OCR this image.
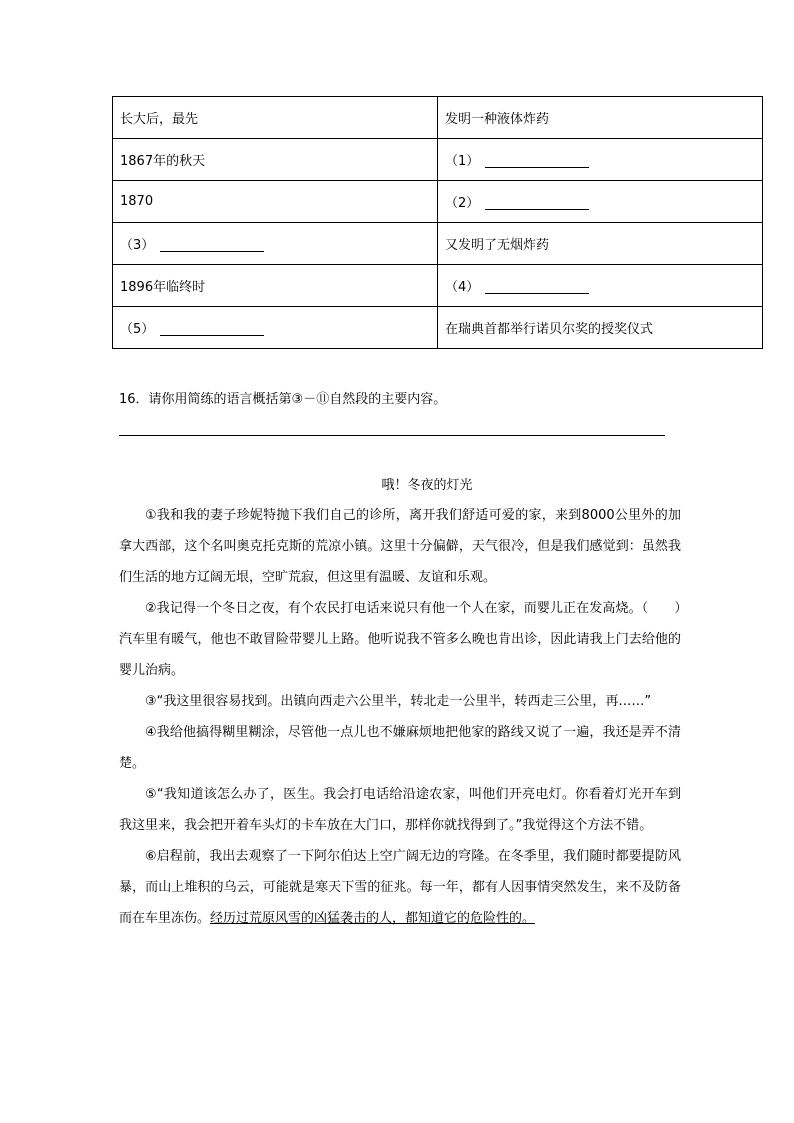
长大后，最先	发明一种液体炸药
1867年的秋天	（1）
1870	（2）
（3）	又发明了无烟炸药
1896年临终时	（4）
（5）	在瑞典首都举行诺贝尔奖的授奖仪式
16．请你用简练的语言概括第③－⑪自然段的主要内容。
哦！冬夜的灯光

①我和我的妻子珍妮特抛下我们自己的诊所，离开我们舒适可爱的家，来到8000公里外的加拿大西部，这个名叫奥克托克斯的荒凉小镇。这里十分偏僻，天气很冷，但是我们感觉到：虽然我们生活的地方辽阔无垠，空旷荒寂，但这里有温暖、友谊和乐观。

②我记得一个冬日之夜，有个农民打电话来说只有他一个人在家，而婴儿正在发高烧。（　　）汽车里有暖气，他也不敢冒险带婴儿上路。他听说我不管多么晚也肯出诊，因此请我上门去给他的婴儿治病。

③“我这里很容易找到。出镇向西走六公里半，转北走一公里半，转西走三公里，再……”

④我给他搞得糊里糊涂，尽管他一点儿也不嫌麻烦地把他家的路线又说了一遍，我还是弄不清楚。

⑤“我知道该怎么办了，医生。我会打电话给沿途农家，叫他们开亮电灯。你看着灯光开车到我这里来，我会把开着车头灯的卡车放在大门口，那样你就找得到了。”我觉得这个方法不错。

⑥启程前，我出去观察了一下阿尔伯达上空广阔无边的穹隆。在冬季里，我们随时都要提防风暴，而山上堆积的乌云，可能就是寒天下雪的征兆。每一年，都有人因事情突然发生，来不及防备而在车里冻伤。经历过荒原风雪的凶猛袭击的人，都知道它的危险性的。
